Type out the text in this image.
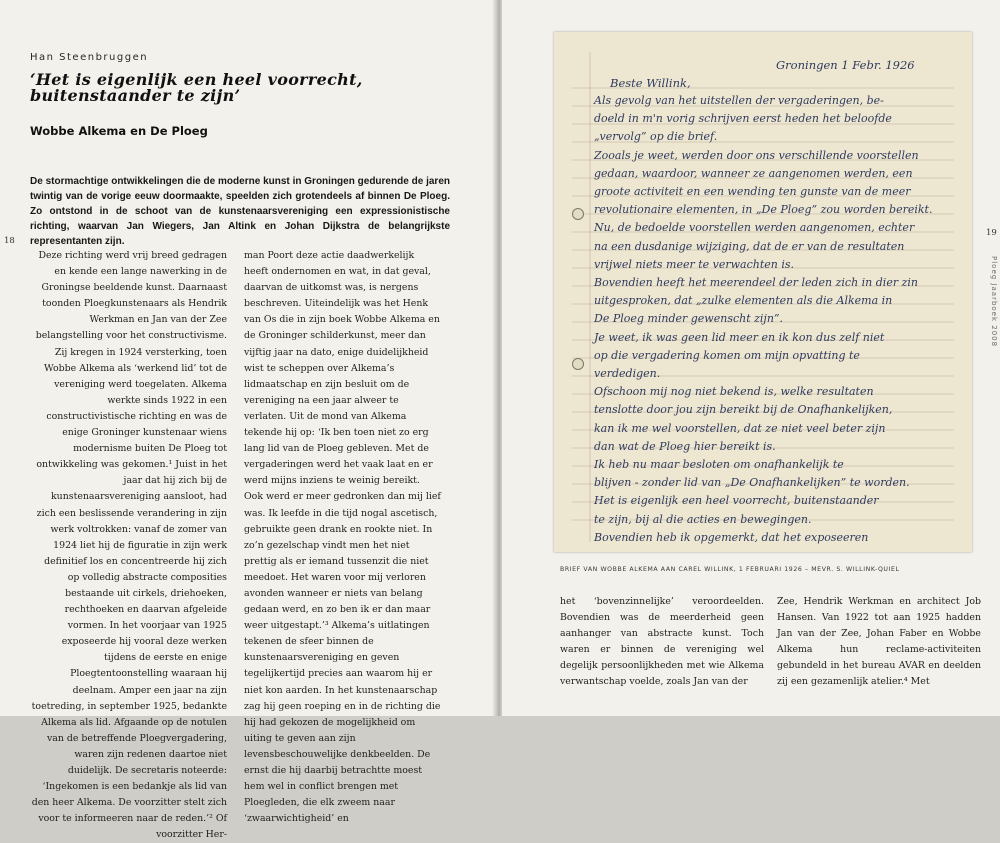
Han Steenbruggen
‘Het is eigenlijk een heel voorrecht, buitenstaander te zijn’
Wobbe Alkema en De Ploeg
De stormachtige ontwikkelingen die de moderne kunst in Groningen gedurende de jaren twintig van de vorige eeuw doormaakte, speelden zich grotendeels af binnen De Ploeg. Zo ontstond in de schoot van de kunstenaarsvereniging een expressionistische richting, waarvan Jan Wiegers, Jan Altink en Johan Dijkstra de belangrijkste representanten zijn.
18

Deze richting werd vrij breed gedragen en kende een lange nawerking in de Groningse beeldende kunst. Daarnaast toonden Ploegkunstenaars als Hendrik Werkman en Jan van der Zee belangstelling voor het constructivisme. Zij kregen in 1924 versterking, toen Wobbe Alkema als ‘werkend lid’ tot de vereniging werd toegelaten. Alkema werkte sinds 1922 in een constructivistische richting en was de enige Groninger kunstenaar wiens modernisme buiten De Ploeg tot ontwikkeling was gekomen.¹ Juist in het jaar dat hij zich bij de kunstenaarsvereniging aansloot, had zich een beslissende verandering in zijn werk voltrokken: vanaf de zomer van 1924 liet hij de figuratie in zijn werk definitief los en concentreerde hij zich op volledig abstracte composities bestaande uit cirkels, driehoeken, rechthoeken en daarvan afgeleide vormen. In het voorjaar van 1925 exposeerde hij vooral deze werken tijdens de eerste en enige Ploegtentoonstelling waaraan hij deelnam. Amper een jaar na zijn toetreding, in september 1925, bedankte Alkema als lid. Afgaande op de notulen van de betreffende Ploegvergadering, waren zijn redenen daartoe niet duidelijk. De secretaris noteerde: ‘Ingekomen is een bedankje als lid van den heer Alkema. De voorzitter stelt zich voor te informeeren naar de reden.’² Of voorzitter Her-

man Poort deze actie daadwerkelijk heeft ondernomen en wat, in dat geval, daarvan de uitkomst was, is nergens beschreven. Uiteindelijk was het Henk van Os die in zijn boek Wobbe Alkema en de Groninger schilderkunst, meer dan vijftig jaar na dato, enige duidelijkheid wist te scheppen over Alkema’s lidmaatschap en zijn besluit om de vereniging na een jaar alweer te verlaten. Uit de mond van Alkema tekende hij op: ‘Ik ben toen niet zo erg lang lid van de Ploeg gebleven. Met de vergaderingen werd het vaak laat en er werd mijns inziens te weinig bereikt. Ook werd er meer gedronken dan mij lief was. Ik leefde in die tijd nogal ascetisch, gebruikte geen drank en rookte niet. In zo’n gezelschap vindt men het niet prettig als er iemand tussenzit die niet meedoet. Het waren voor mij verloren avonden wanneer er niets van belang gedaan werd, en zo ben ik er dan maar weer uitgestapt.’³ Alkema’s uitlatingen tekenen de sfeer binnen de kunstenaarsvereniging en geven tegelijkertijd precies aan waarom hij er niet kon aarden. In het kunstenaarschap zag hij geen roeping en in de richting die hij had gekozen de mogelijkheid om uiting te geven aan zijn levensbeschouwelijke denkbeelden. De ernst die hij daarbij betrachtte moest hem wel in conflict brengen met Ploegleden, die elk zweem naar ‘zwaarwichtigheid’ en

Groningen 1 Febr. 1926
Beste Willink,
Als gevolg van het uitstellen der vergaderingen, be-
doeld in m'n vorig schrijven eerst heden het beloofde
„vervolg” op die brief.
Zooals je weet, werden door ons verschillende voorstellen
gedaan, waardoor, wanneer ze aangenomen werden, een
groote activiteit en een wending ten gunste van de meer
revolutionaire elementen, in „De Ploeg” zou worden bereikt.
Nu, de bedoelde voorstellen werden aangenomen, echter
na een dusdanige wijziging, dat de er van de resultaten
vrijwel niets meer te verwachten is.
Bovendien heeft het meerendeel der leden zich in dier zin
uitgesproken, dat „zulke elementen als die Alkema in
De Ploeg minder gewenscht zijn”.
Je weet, ik was geen lid meer en ik kon dus zelf niet
op die vergadering komen om mijn opvatting te
verdedigen.
Ofschoon mij nog niet bekend is, welke resultaten
tenslotte door jou zijn bereikt bij de Onafhankelijken,
kan ik me wel voorstellen, dat ze niet veel beter zijn
dan wat de Ploeg hier bereikt is.
Ik heb nu maar besloten om onafhankelijk te
blijven - zonder lid van „De Onafhankelijken” te worden.
Het is eigenlijk een heel voorrecht, buitenstaander
te zijn, bij al die acties en bewegingen.
Bovendien heb ik opgemerkt, dat het exposeeren
BRIEF VAN WOBBE ALKEMA AAN CAREL WILLINK, 1 FEBRUARI 1926 – MEVR. S. WILLINK-QUIEL
19
Ploeg Jaarboek 2008

het ‘bovenzinnelijke’ veroordeelden. Bovendien was de meerderheid geen aanhanger van abstracte kunst. Toch waren er binnen de vereniging wel degelijk persoonlijkheden met wie Alkema verwantschap voelde, zoals Jan van der

Zee, Hendrik Werkman en architect Job Hansen. Van 1922 tot aan 1925 hadden Jan van der Zee, Johan Faber en Wobbe Alkema hun reclame-activiteiten gebundeld in het bureau AVAR en deelden zij een gezamenlijk atelier.⁴ Met
